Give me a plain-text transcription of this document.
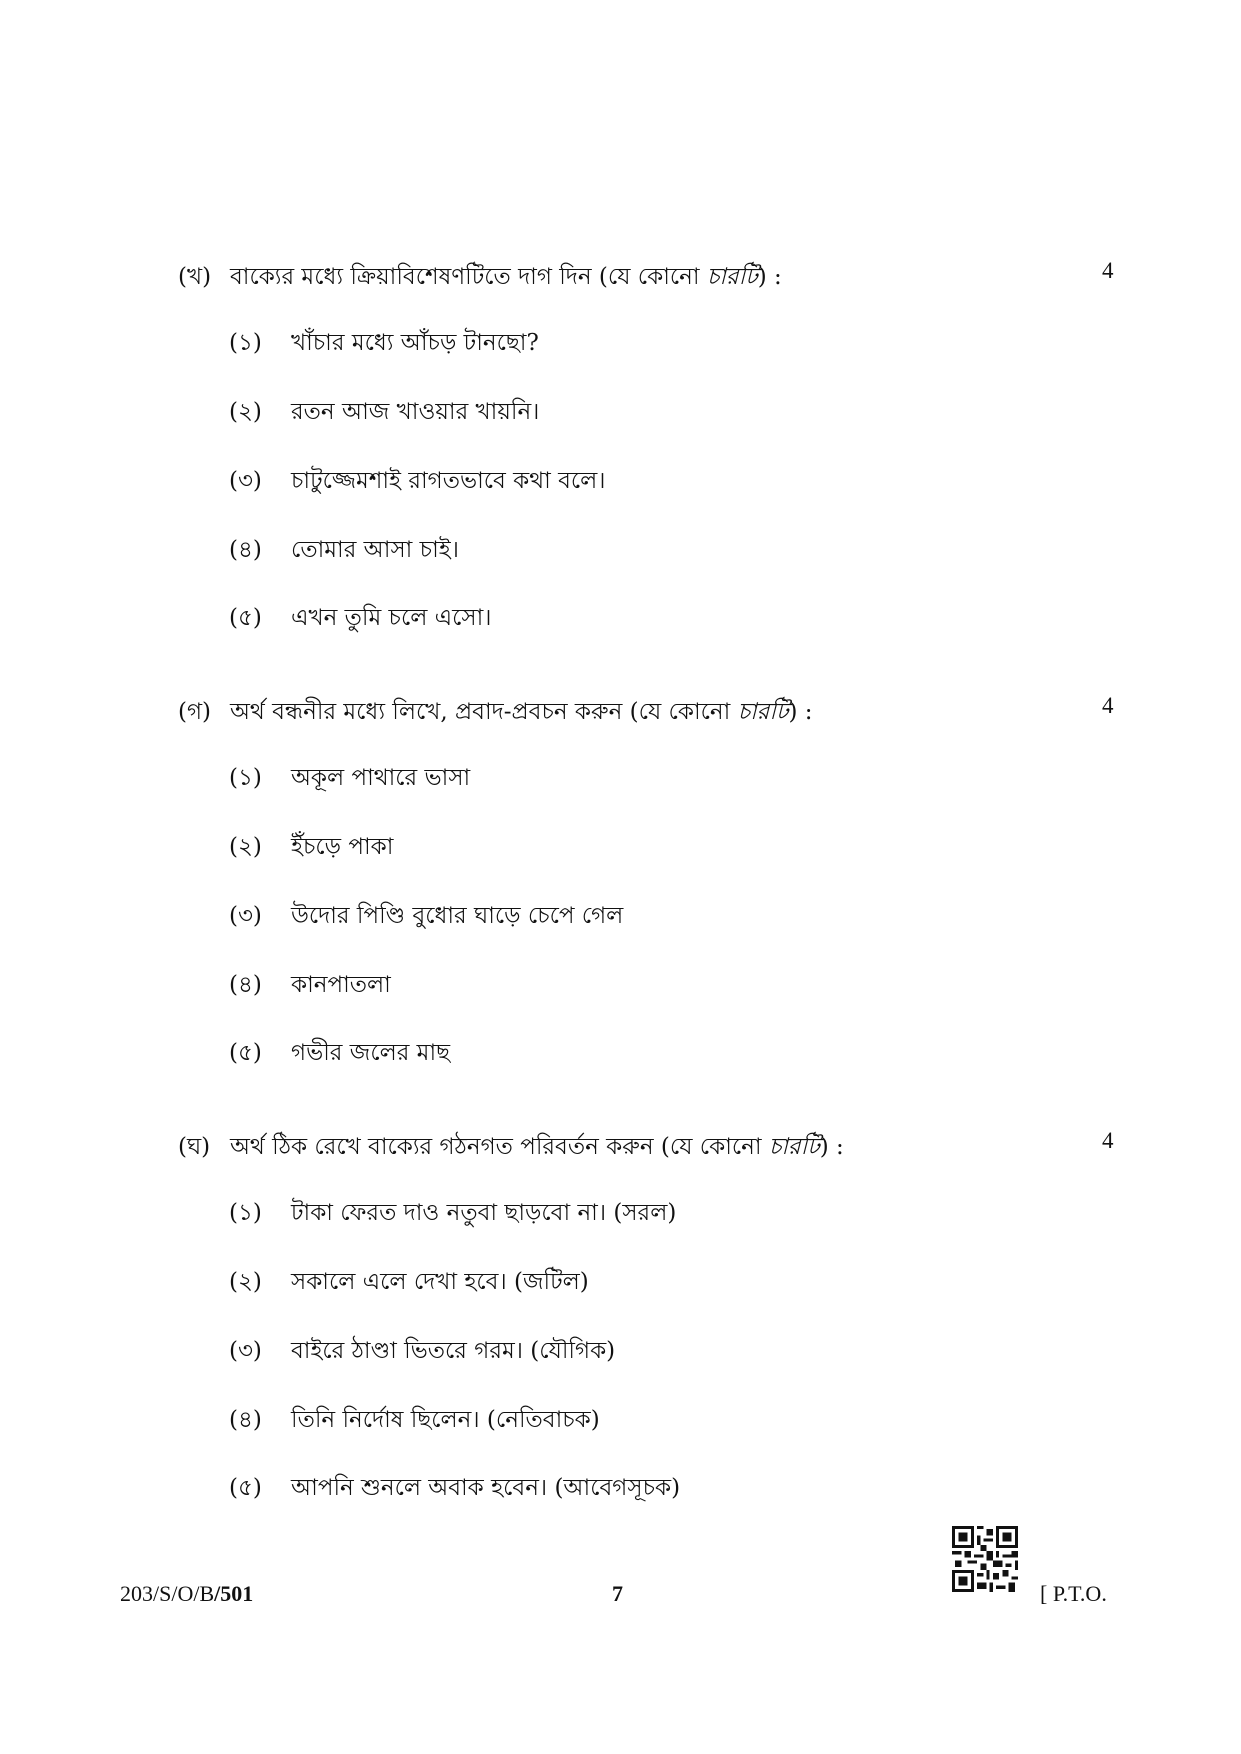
(খ) বাক্যের মধ্যে ক্রিয়াবিশেষণটিতে দাগ দিন (যে কোনো চারটি) :	4
(১) খাঁচার মধ্যে আঁচড় টানছো?
(২) রতন আজ খাওয়ার খায়নি।
(৩) চাটুজ্জেমশাই রাগতভাবে কথা বলে।
(৪) তোমার আসা চাই।
(৫) এখন তুমি চলে এসো।
(গ) অর্থ বন্ধনীর মধ্যে লিখে, প্রবাদ-প্রবচন করুন (যে কোনো চারটি) :	4
(১) অকূল পাথারে ভাসা
(২) ইঁচড়ে পাকা
(৩) উদোর পিণ্ডি বুধোর ঘাড়ে চেপে গেল
(৪) কানপাতলা
(৫) গভীর জলের মাছ
(ঘ) অর্থ ঠিক রেখে বাক্যের গঠনগত পরিবর্তন করুন (যে কোনো চারটি) :	4
(১) টাকা ফেরত দাও নতুবা ছাড়বো না। (সরল)
(২) সকালে এলে দেখা হবে। (জটিল)
(৩) বাইরে ঠাণ্ডা ভিতরে গরম। (যৌগিক)
(৪) তিনি নির্দোষ ছিলেন। (নেতিবাচক)
(৫) আপনি শুনলে অবাক হবেন। (আবেগসূচক)
203/S/O/B/501	7	[ P.T.O.
